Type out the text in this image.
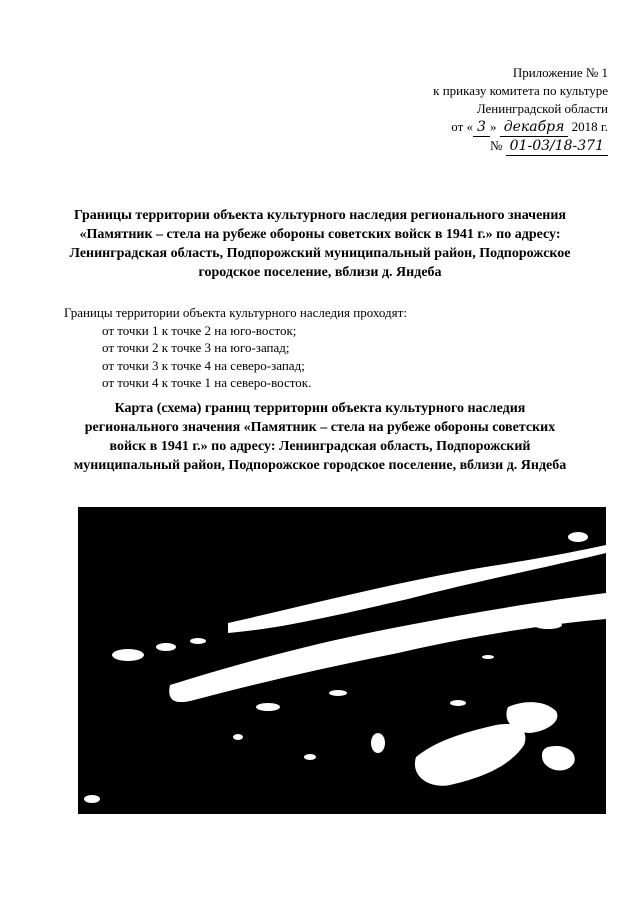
Приложение № 1
к приказу комитета по культуре
Ленинградской области
от « 3 » декабря 2018 г.
№ 01-03/18-371
Границы территории объекта культурного наследия регионального значения
«Памятник – стела на рубеже обороны советских войск в 1941 г.» по адресу:
Ленинградская область, Подпорожский муниципальный район, Подпорожское
городское поселение, вблизи д. Яндеба
Границы территории объекта культурного наследия проходят:
от точки 1 к точке 2 на юго-восток;
от точки 2 к точке 3 на юго-запад;
от точки 3 к точке 4 на северо-запад;
от точки 4 к точке 1 на северо-восток.
Карта (схема) границ территории объекта культурного наследия
регионального значения «Памятник – стела на рубеже обороны советских
войск в 1941 г.» по адресу: Ленинградская область, Подпорожский
муниципальный район, Подпорожское городское поселение, вблизи д. Яндеба
